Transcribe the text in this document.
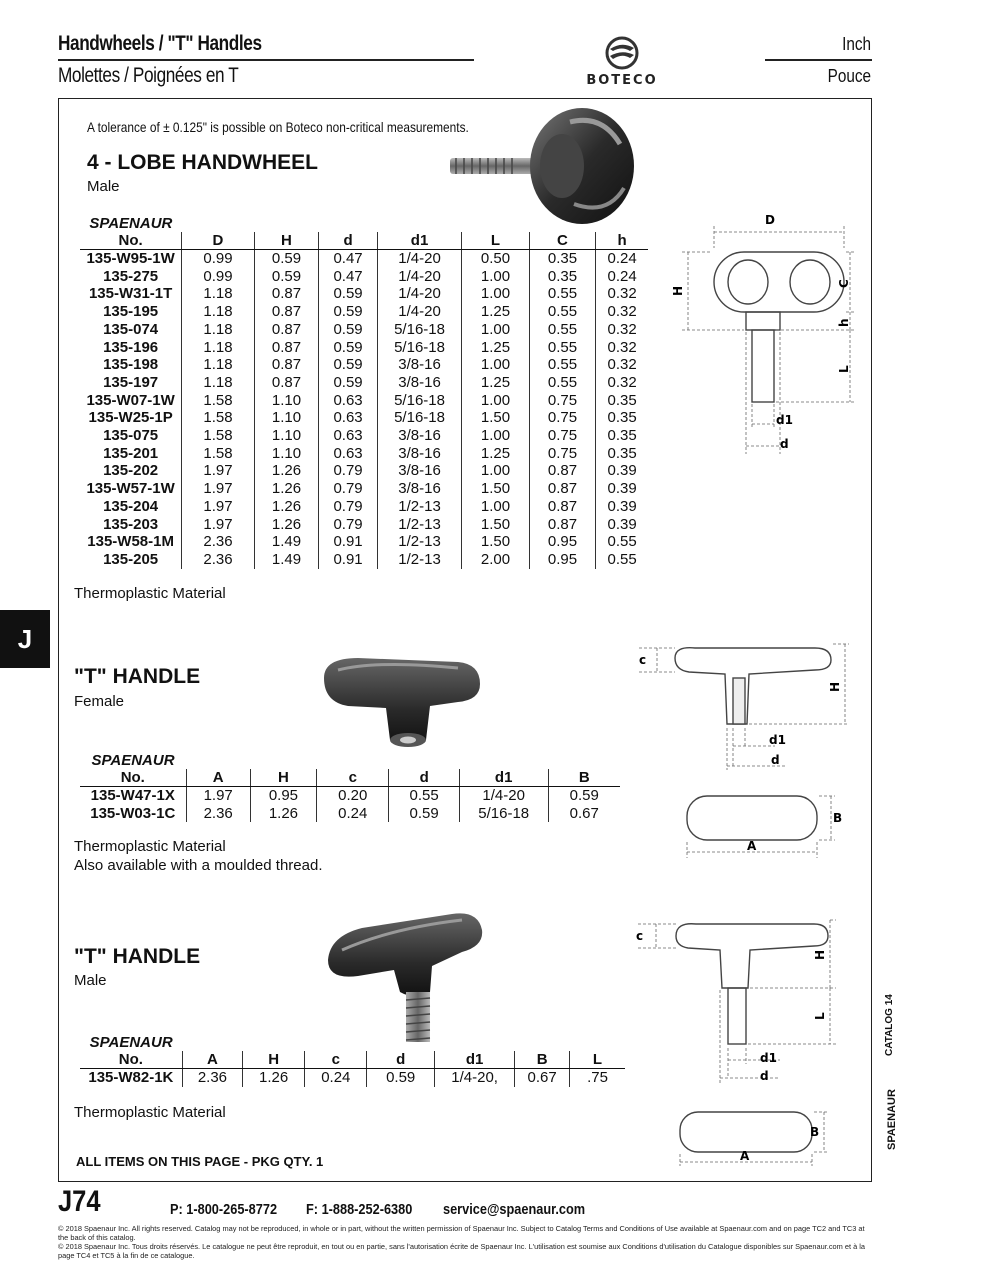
Handwheels / "T" Handles
Molettes / Poignées en T	BOTECO
Inch
Pouce
A tolerance of ± 0.125" is possible on Boteco non-critical measurements.
4 - LOBE HANDWHEEL
Male
SPAENAUR							

No.	D	H	d	d1	L	C	h
135-W95-1W	0.99	0.59	0.47	1/4-20	0.50	0.35	0.24
135-275	0.99	0.59	0.47	1/4-20	1.00	0.35	0.24
135-W31-1T	1.18	0.87	0.59	1/4-20	1.00	0.55	0.32
135-195	1.18	0.87	0.59	1/4-20	1.25	0.55	0.32
135-074	1.18	0.87	0.59	5/16-18	1.00	0.55	0.32
135-196	1.18	0.87	0.59	5/16-18	1.25	0.55	0.32
135-198	1.18	0.87	0.59	3/8-16	1.00	0.55	0.32
135-197	1.18	0.87	0.59	3/8-16	1.25	0.55	0.32
135-W07-1W	1.58	1.10	0.63	5/16-18	1.00	0.75	0.35
135-W25-1P	1.58	1.10	0.63	5/16-18	1.50	0.75	0.35
135-075	1.58	1.10	0.63	3/8-16	1.00	0.75	0.35
135-201	1.58	1.10	0.63	3/8-16	1.25	0.75	0.35
135-202	1.97	1.26	0.79	3/8-16	1.00	0.87	0.39
135-W57-1W	1.97	1.26	0.79	3/8-16	1.50	0.87	0.39
135-204	1.97	1.26	0.79	1/2-13	1.00	0.87	0.39
135-203	1.97	1.26	0.79	1/2-13	1.50	0.87	0.39
135-W58-1M	2.36	1.49	0.91	1/2-13	1.50	0.95	0.55
135-205	2.36	1.49	0.91	1/2-13	2.00	0.95	0.55
Thermoplastic Material
D
H
C
h
L
d1
d
J
"T" HANDLE
Female
SPAENAUR						

No.	A	H	c	d	d1	B
135-W47-1X	1.97	0.95	0.20	0.55	1/4-20	0.59
135-W03-1C	2.36	1.26	0.24	0.59	5/16-18	0.67
Thermoplastic Material
Also available with a moulded thread.
c
H
d1
d
A
B
"T" HANDLE
Male
SPAENAUR							

No.	A	H	c	d	d1	B	L
135-W82-1K	2.36	1.26	0.24	0.59	1/4-20,	0.67	.75
Thermoplastic Material
c
H
L
d1
d
A
B
ALL ITEMS ON THIS PAGE - PKG QTY. 1
CATALOG 14
SPAENAUR
J74	P: 1-800-265-8772 F: 1-888-252-6380 service@spaenaur.com
© 2018 Spaenaur Inc. All rights reserved. Catalog may not be reproduced, in whole or in part, without the written permission of Spaenaur Inc. Subject to Catalog Terms and Conditions of Use available at Spaenaur.com and on page TC2 and TC3 at the back of this catalog.
© 2018 Spaenaur Inc. Tous droits réservés. Le catalogue ne peut être reproduit, en tout ou en partie, sans l'autorisation écrite de Spaenaur Inc. L'utilisation est soumise aux Conditions d'utilisation du Catalogue disponibles sur Spaenaur.com et à la page TC4 et TC5 à la fin de ce catalogue.
